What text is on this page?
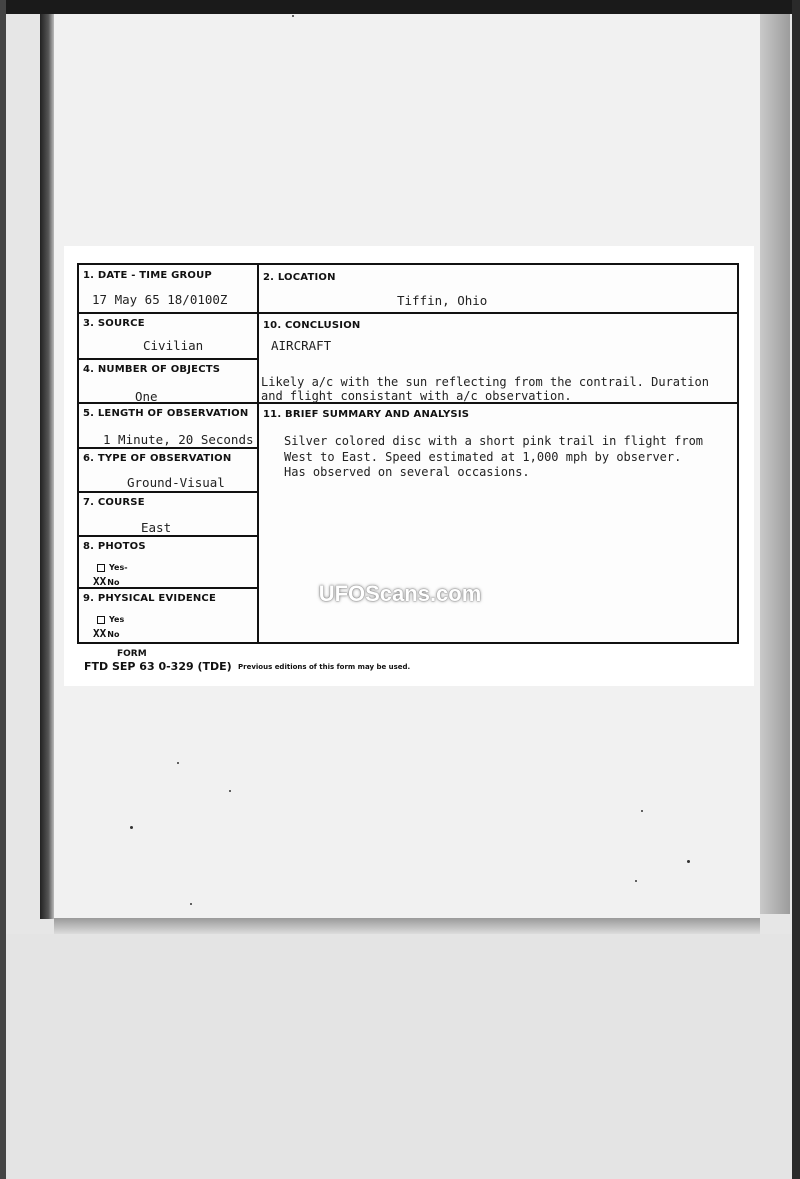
1. DATE - TIME GROUP
17 May 65 18/0100Z
2. LOCATION
Tiffin, Ohio
3. SOURCE
Civilian
10. CONCLUSION
AIRCRAFT
Likely a/c with the sun reflecting from the contrail. Duration
and flight consistant with a/c observation.
4. NUMBER OF OBJECTS
One
5. LENGTH OF OBSERVATION
1 Minute, 20 Seconds
11. BRIEF SUMMARY AND ANALYSIS
Silver colored disc with a short pink trail in flight from
West to East. Speed estimated at 1,000 mph by observer.
Has observed on several occasions.
6. TYPE OF OBSERVATION
Ground-Visual
7. COURSE
East
8. PHOTOS
Yes-
XXNo
9. PHYSICAL EVIDENCE
Yes
XXNo
FORM
FTD SEP 63 0-329 (TDE) Previous editions of this form may be used.
UFOScans.com
